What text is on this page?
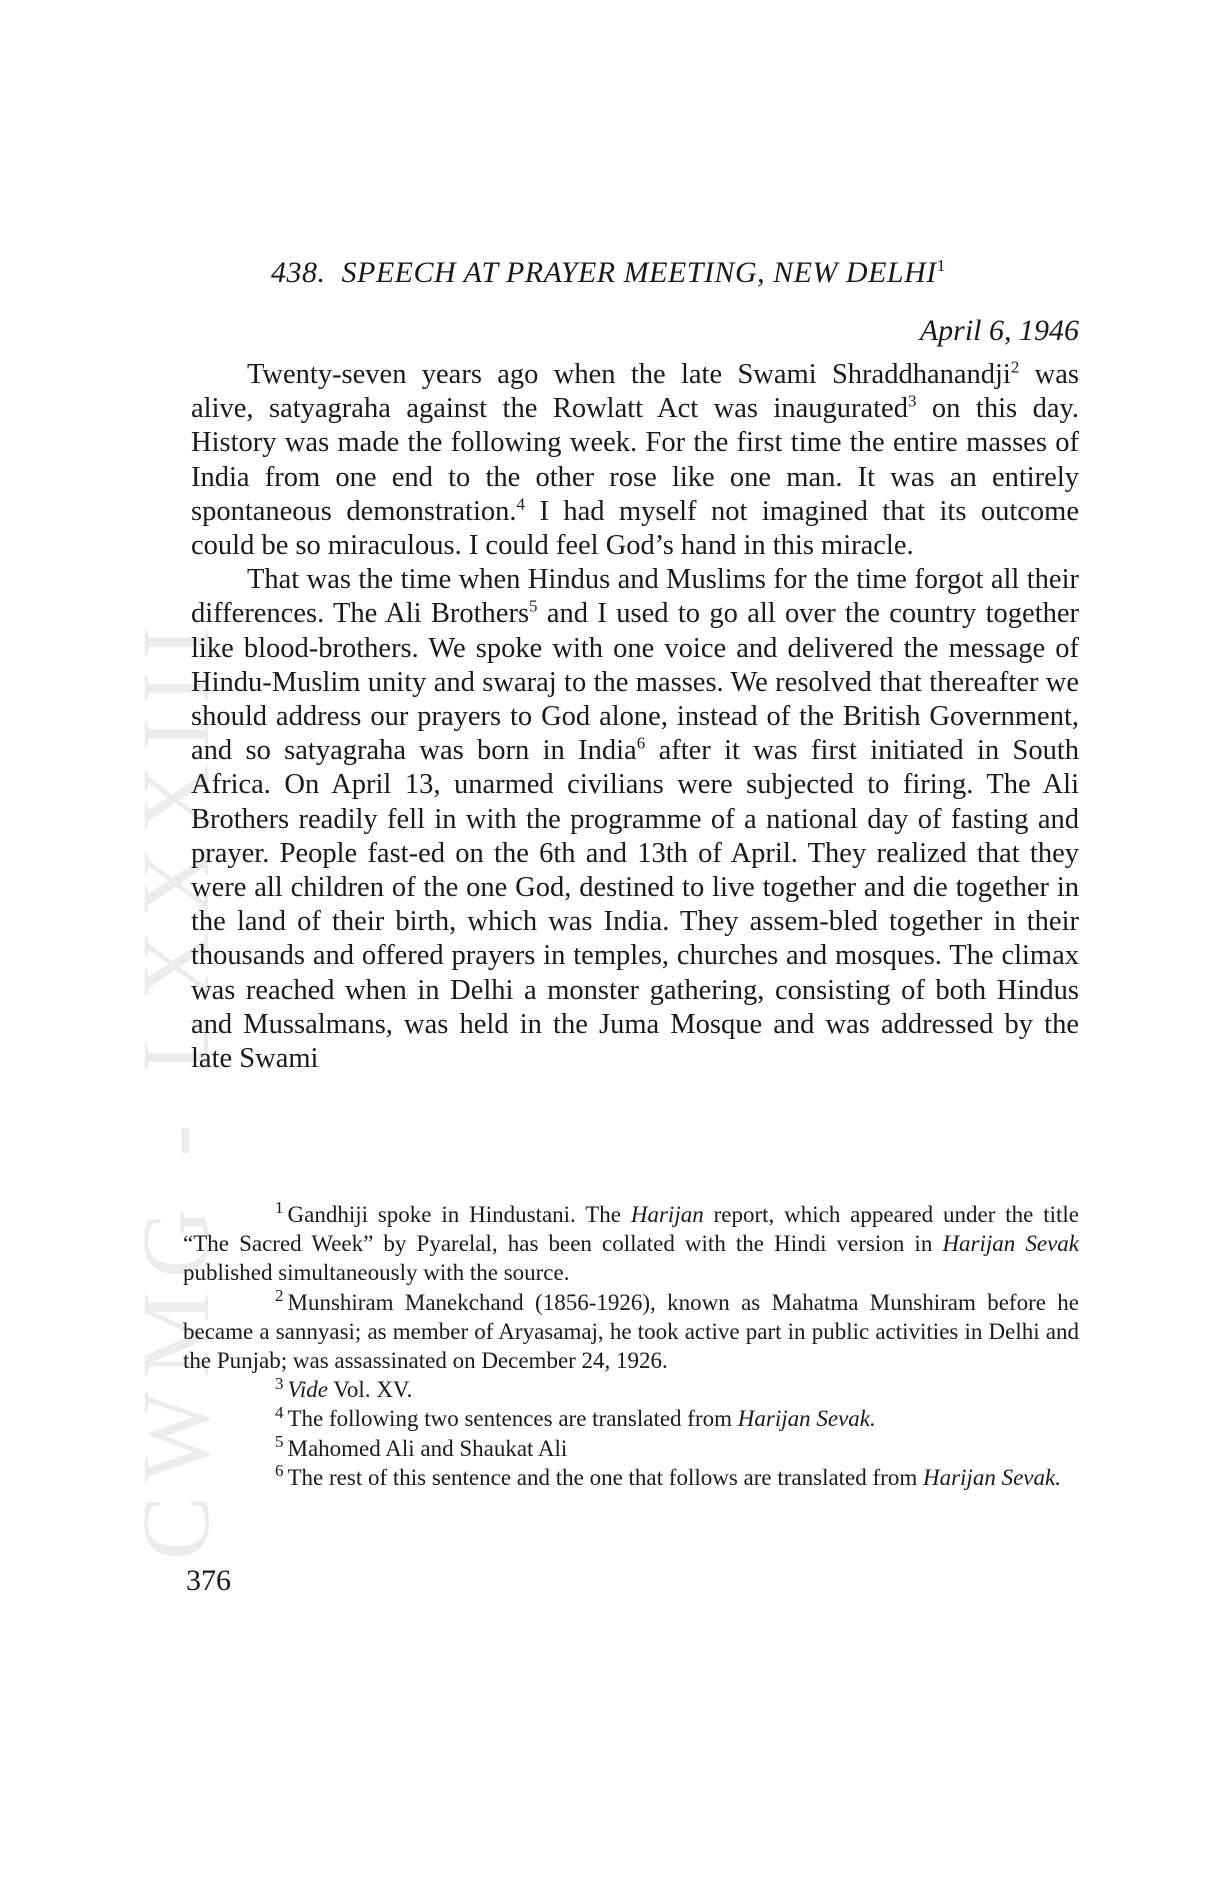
CWMG - LXXXIII
438. SPEECH AT PRAYER MEETING, NEW DELHI$^1$
April 6, 1946

Twenty-seven years ago when the late Swami Shraddhanandji$^2$ was alive, satyagraha against the Rowlatt Act was inaugurated$^3$ on this day. History was made the following week. For the first time the entire masses of India from one end to the other rose like one man. It was an entirely spontaneous demonstration.$^4$ I had myself not imagined that its outcome could be so miraculous. I could feel God’s hand in this miracle.

That was the time when Hindus and Muslims for the time forgot all their differences. The Ali Brothers$^5$ and I used to go all over the country together like blood-brothers. We spoke with one voice and delivered the message of Hindu-Muslim unity and swaraj to the masses. We resolved that thereafter we should address our prayers to God alone, instead of the British Government, and so satyagraha was born in India$^6$ after it was first initiated in South Africa. On April 13, unarmed civilians were subjected to firing. The Ali Brothers readily fell in with the programme of a national day of fasting and prayer. People fast-ed on the 6th and 13th of April. They realized that they were all children of the one God, destined to live together and die together in the land of their birth, which was India. They assem-bled together in their thousands and offered prayers in temples, churches and mosques. The climax was reached when in Delhi a monster gathering, consisting of both Hindus and Mussalmans, was held in the Juma Mosque and was addressed by the late Swami

$^1$ Gandhiji spoke in Hindustani. The Harijan report, which appeared under the title “The Sacred Week” by Pyarelal, has been collated with the Hindi version in Harijan Sevak published simultaneously with the source.

$^2$ Munshiram Manekchand (1856-1926), known as Mahatma Munshiram before he became a sannyasi; as member of Aryasamaj, he took active part in public activities in Delhi and the Punjab; was assassinated on December 24, 1926.

$^3$ Vide Vol. XV.

$^4$ The following two sentences are translated from Harijan Sevak.

$^5$ Mahomed Ali and Shaukat Ali

$^6$ The rest of this sentence and the one that follows are translated from Harijan Sevak.

376
